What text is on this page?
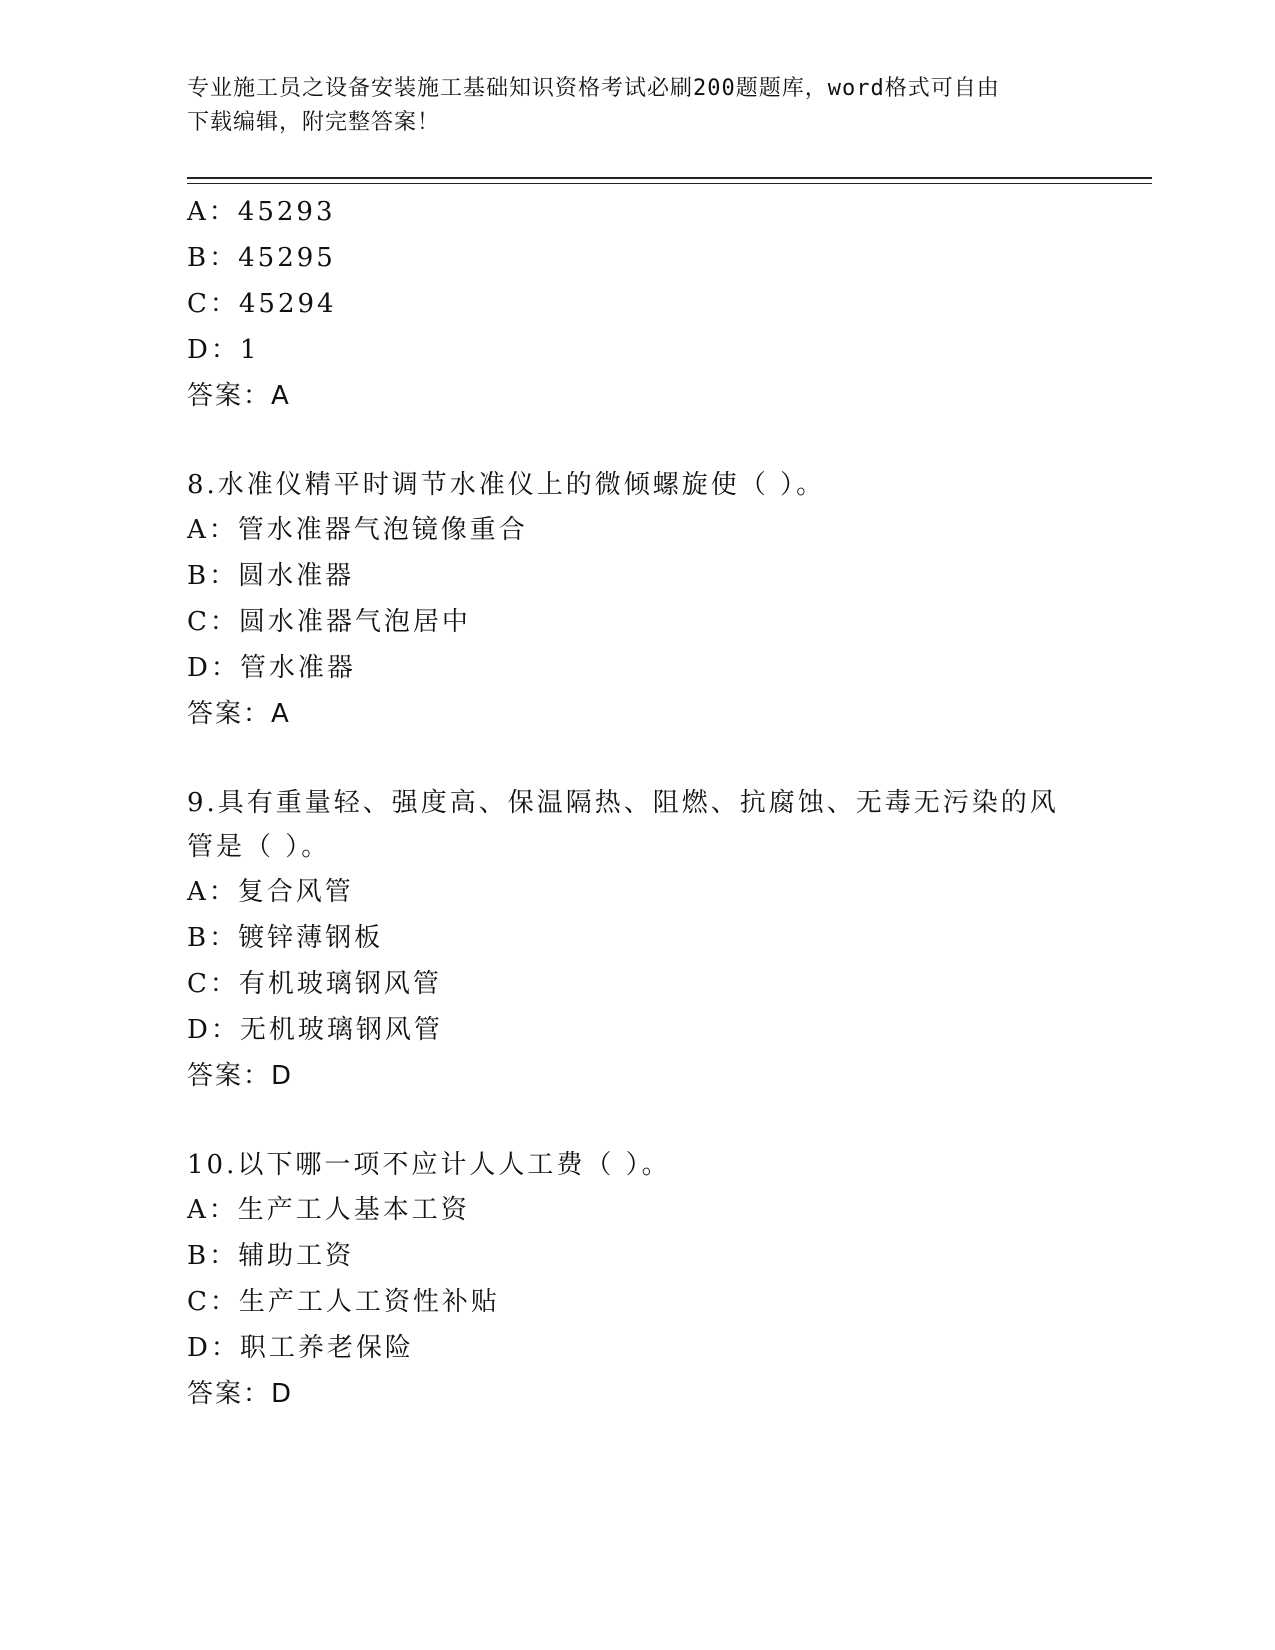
专业施工员之设备安装施工基础知识资格考试必刷200题题库，word格式可自由
下载编辑，附完整答案！
A：45293
B：45295
C：45294
D：1
答案：A
8.水准仪精平时调节水准仪上的微倾螺旋使（ ）。
A：管水准器气泡镜像重合
B：圆水准器
C：圆水准器气泡居中
D：管水准器
答案：A
9.具有重量轻、强度高、保温隔热、阻燃、抗腐蚀、无毒无污染的风
管是（ ）。
A：复合风管
B：镀锌薄钢板
C：有机玻璃钢风管
D：无机玻璃钢风管
答案：D
10.以下哪一项不应计人人工费（ ）。
A：生产工人基本工资
B：辅助工资
C：生产工人工资性补贴
D：职工养老保险
答案：D
